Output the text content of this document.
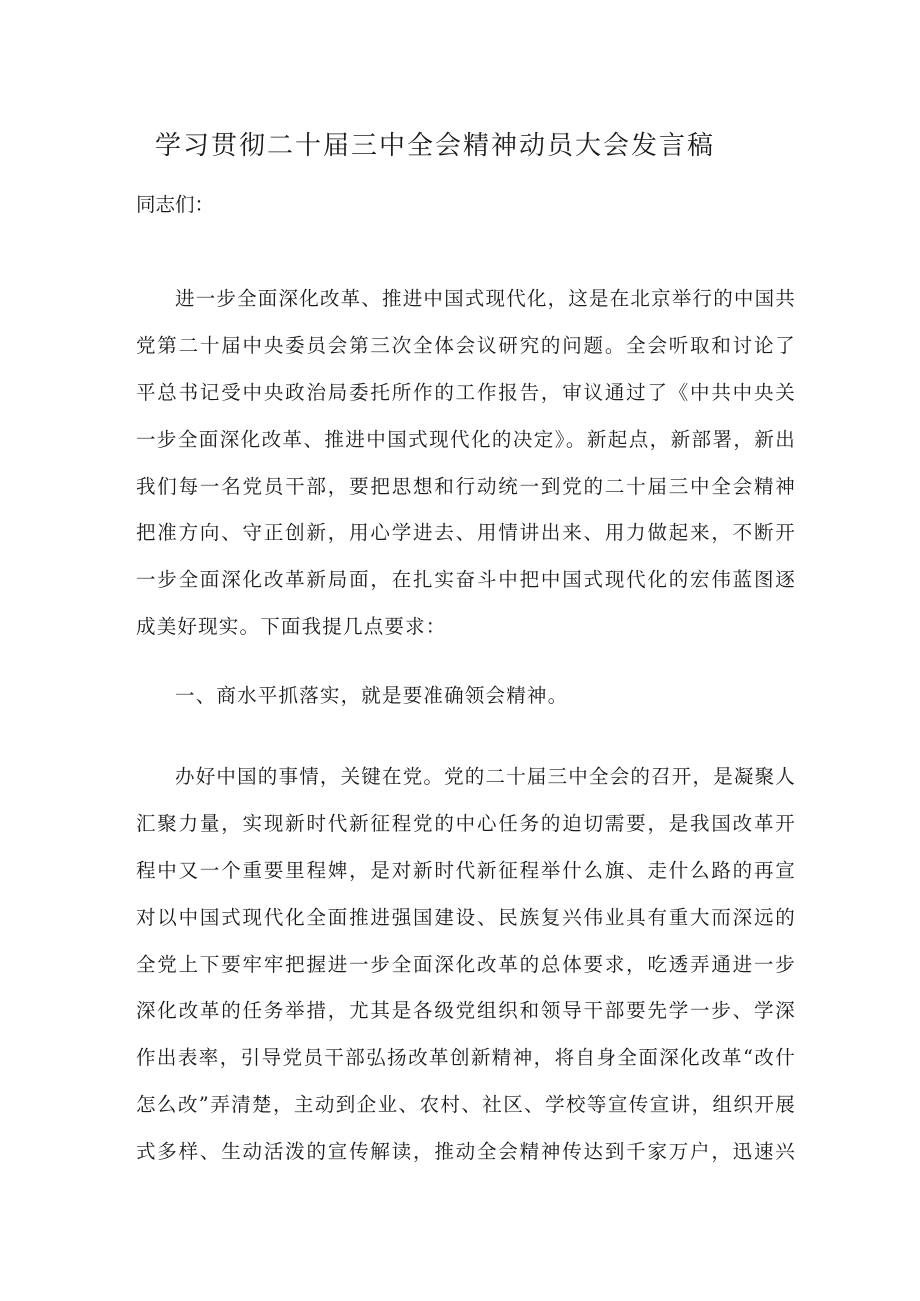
学习贯彻二十届三中全会精神动员大会发言稿
同志们：
进一步全面深化改革、推进中国式现代化，这是在北京举行的中国共
党第二十届中央委员会第三次全体会议研究的问题。全会听取和讨论了
平总书记受中央政治局委托所作的工作报告，审议通过了《中共中央关
一步全面深化改革、推进中国式现代化的决定》。新起点，新部署，新出
我们每一名党员干部，要把思想和行动统一到党的二十届三中全会精神
把准方向、守正创新，用心学进去、用情讲出来、用力做起来，不断开
一步全面深化改革新局面，在扎实奋斗中把中国式现代化的宏伟蓝图逐
成美好现实。下面我提几点要求：
一、商水平抓落实，就是要准确领会精神。
办好中国的事情，关键在党。党的二十届三中全会的召开，是凝聚人
汇聚力量，实现新时代新征程党的中心任务的迫切需要，是我国改革开
程中又一个重要里程婢，是对新时代新征程举什么旗、走什么路的再宣
对以中国式现代化全面推进强国建设、民族复兴伟业具有重大而深远的
全党上下要牢牢把握进一步全面深化改革的总体要求，吃透弄通进一步
深化改革的任务举措，尤其是各级党组织和领导干部要先学一步、学深
作出表率，引导党员干部弘扬改革创新精神，将自身全面深化改革“改什
怎么改”弄清楚，主动到企业、农村、社区、学校等宣传宣讲，组织开展
式多样、生动活泼的宣传解读，推动全会精神传达到千家万户，迅速兴
